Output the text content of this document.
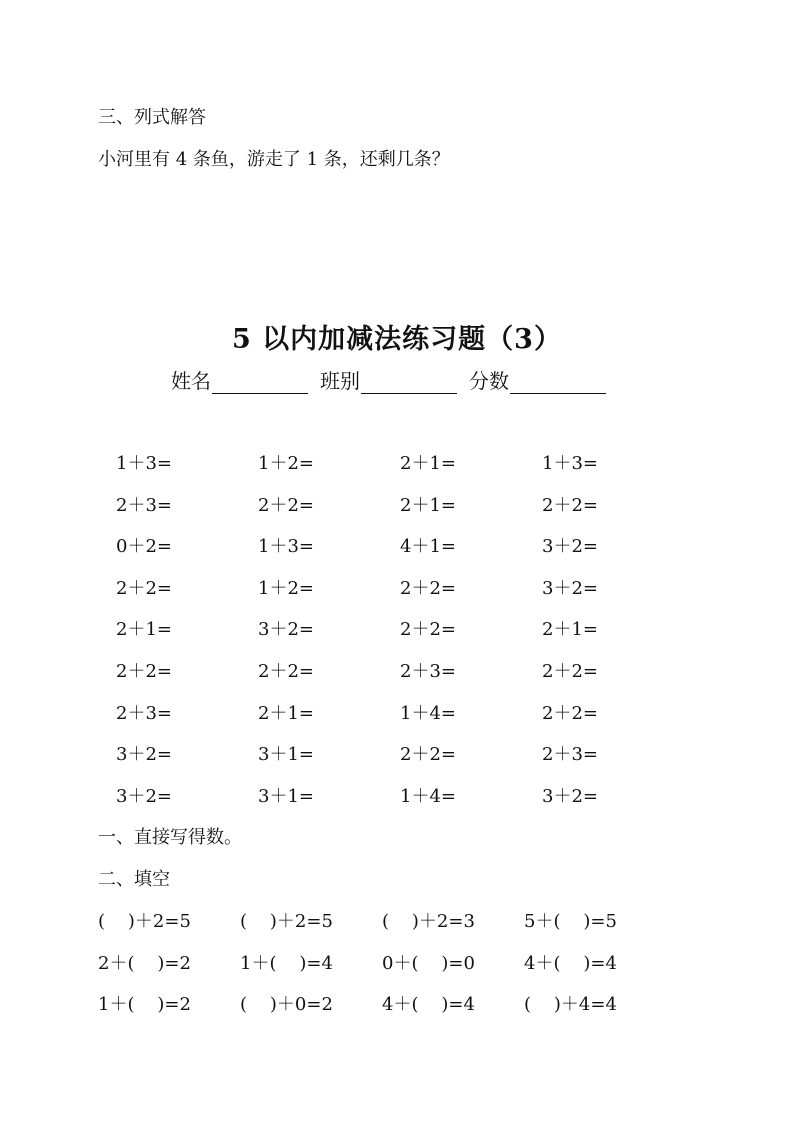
三、列式解答
小河里有 4 条鱼，游走了 1 条，还剩几条？
5 以内加减法练习题（3）
姓名	班别	分数
1＋3=	1＋2=	2＋1=	1＋3=
2＋3=	2＋2=	2＋1=	2＋2=
0＋2=	1＋3=	4＋1=	3＋2=
2＋2=	1＋2=	2＋2=	3＋2=
2＋1=	3＋2=	2＋2=	2＋1=
2＋2=	2＋2=	2＋3=	2＋2=
2＋3=	2＋1=	1＋4=	2＋2=
3＋2=	3＋1=	2＋2=	2＋3=
3＋2=	3＋1=	1＋4=	3＋2=
一、直接写得数。
二、填空
(    )＋2=5	(    )＋2=5	(    )＋2=3	5＋(    )=5
2＋(    )=2	1＋(    )=4	0＋(    )=0	4＋(    )=4
1＋(    )=2	(    )＋0=2	4＋(    )=4	(    )＋4=4
